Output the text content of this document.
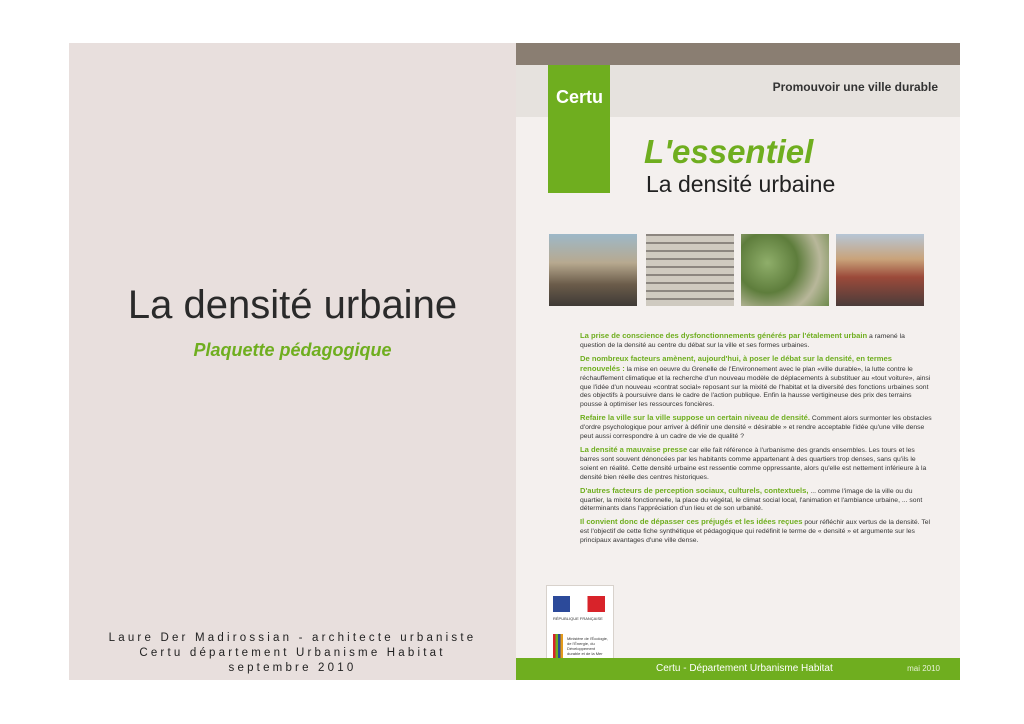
La densité urbaine
Plaquette pédagogique
Laure Der Madirossian - architecte urbaniste
Certu département Urbanisme Habitat
septembre 2010
Certu	Promouvoir une ville durable
L'essentiel
La densité urbaine

La prise de conscience des dysfonctionnements générés par l'étalement urbain a ramené la question de la densité au centre du débat sur la ville et ses formes urbaines.

De nombreux facteurs amènent, aujourd'hui, à poser le débat sur la densité, en termes renouvelés : la mise en oeuvre du Grenelle de l'Environnement avec le plan «ville durable», la lutte contre le réchauffement climatique et la recherche d'un nouveau modèle de déplacements à substituer au «tout voiture», ainsi que l'idée d'un nouveau «contrat social» reposant sur la mixité de l'habitat et la diversité des fonctions urbaines sont des objectifs à poursuivre dans le cadre de l'action publique. Enfin la hausse vertigineuse des prix des terrains pousse à optimiser les ressources foncières.

Refaire la ville sur la ville suppose un certain niveau de densité. Comment alors surmonter les obstacles d'ordre psychologique pour arriver à définir une densité « désirable » et rendre acceptable l'idée qu'une ville dense peut aussi correspondre à un cadre de vie de qualité ?

La densité a mauvaise presse car elle fait référence à l'urbanisme des grands ensembles. Les tours et les barres sont souvent dénoncées par les habitants comme appartenant à des quartiers trop denses, sans qu'ils le soient en réalité. Cette densité urbaine est ressentie comme oppressante, alors qu'elle est nettement inférieure à la densité bien réelle des centres historiques.

D'autres facteurs de perception sociaux, culturels, contextuels, ... comme l'image de la ville ou du quartier, la mixité fonctionnelle, la place du végétal, le climat social local, l'animation et l'ambiance urbaine, ... sont déterminants dans l'appréciation d'un lieu et de son urbanité.

Il convient donc de dépasser ces préjugés et les idées reçues pour réfléchir aux vertus de la densité. Tel est l'objectif de cette fiche synthétique et pédagogique qui redéfinit le terme de « densité » et argumente sur les principaux avantages d'une ville dense.

RÉPUBLIQUE FRANÇAISE
Ministère de l'Écologie, de l'Énergie, du Développement durable et de la Mer
Certu - Département Urbanisme Habitat	mai 2010
